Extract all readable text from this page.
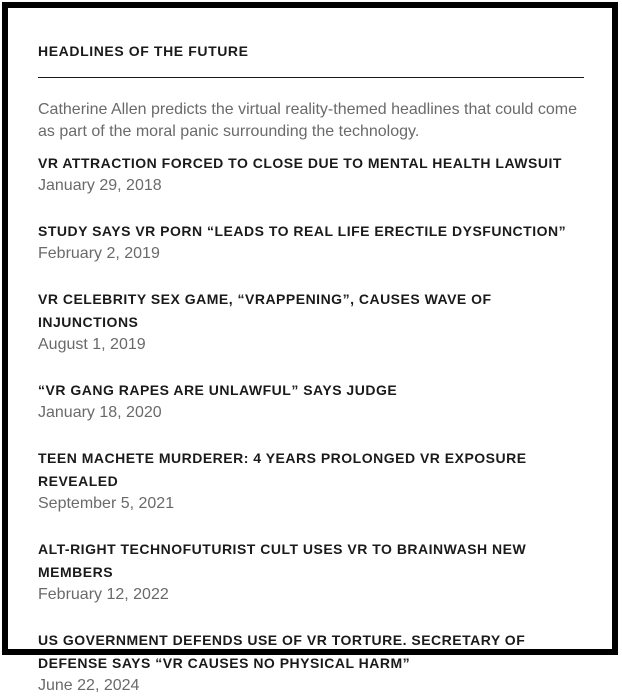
HEADLINES OF THE FUTURE
Catherine Allen predicts the virtual reality-themed headlines that could come as part of the moral panic surrounding the technology.
VR ATTRACTION FORCED TO CLOSE DUE TO MENTAL HEALTH LAWSUIT
January 29, 2018
STUDY SAYS VR PORN “LEADS TO REAL LIFE ERECTILE DYSFUNCTION”
February 2, 2019
VR CELEBRITY SEX GAME, “VRAPPENING”, CAUSES WAVE OF INJUNCTIONS
August 1, 2019
“VR GANG RAPES ARE UNLAWFUL” SAYS JUDGE
January 18, 2020
TEEN MACHETE MURDERER: 4 YEARS PROLONGED VR EXPOSURE REVEALED
September 5, 2021
ALT-RIGHT TECHNOFUTURIST CULT USES VR TO BRAINWASH NEW MEMBERS
February 12, 2022
US GOVERNMENT DEFENDS USE OF VR TORTURE. SECRETARY OF DEFENSE SAYS “VR CAUSES NO PHYSICAL HARM”
June 22, 2024
